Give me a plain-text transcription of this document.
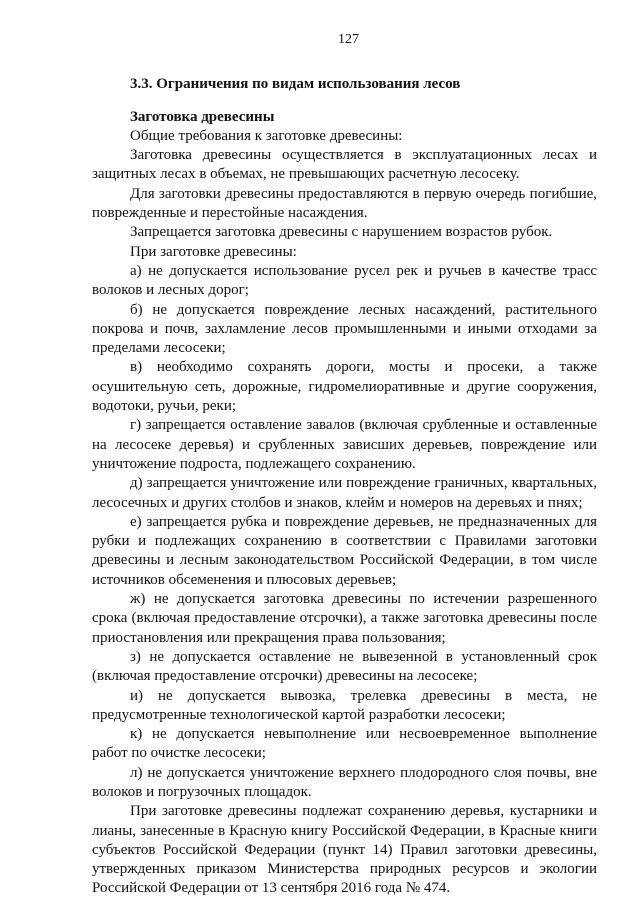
127
3.3. Ограничения по видам использования лесов
Заготовка древесины

Общие требования к заготовке древесины:

Заготовка древесины осуществляется в эксплуатационных лесах и защитных лесах в объемах, не превышающих расчетную лесосеку.

Для заготовки древесины предоставляются в первую очередь погибшие, поврежденные и перестойные насаждения.

Запрещается заготовка древесины с нарушением возрастов рубок.

При заготовке древесины:

а) не допускается использование русел рек и ручьев в качестве трасс волоков и лесных дорог;

б) не допускается повреждение лесных насаждений, растительного покрова и почв, захламление лесов промышленными и иными отходами за пределами лесосеки;

в) необходимо сохранять дороги, мосты и просеки, а также осушительную сеть, дорожные, гидромелиоративные и другие сооружения, водотоки, ручьи, реки;

г) запрещается оставление завалов (включая срубленные и оставленные на лесосеке деревья) и срубленных зависших деревьев, повреждение или уничтожение подроста, подлежащего сохранению.

д) запрещается уничтожение или повреждение граничных, квартальных, лесосечных и других столбов и знаков, клейм и номеров на деревьях и пнях;

е) запрещается рубка и повреждение деревьев, не предназначенных для рубки и подлежащих сохранению в соответствии с Правилами заготовки древесины и лесным законодательством Российской Федерации, в том числе источников обсеменения и плюсовых деревьев;

ж) не допускается заготовка древесины по истечении разрешенного срока (включая предоставление отсрочки), а также заготовка древесины после приостановления или прекращения права пользования;

з) не допускается оставление не вывезенной в установленный срок (включая предоставление отсрочки) древесины на лесосеке;

и) не допускается вывозка, трелевка древесины в места, не предусмотренные технологической картой разработки лесосеки;

к) не допускается невыполнение или несвоевременное выполнение работ по очистке лесосеки;

л) не допускается уничтожение верхнего плодородного слоя почвы, вне волоков и погрузочных площадок.

При заготовке древесины подлежат сохранению деревья, кустарники и лианы, занесенные в Красную книгу Российской Федерации, в Красные книги субъектов Российской Федерации (пункт 14) Правил заготовки древесины, утвержденных приказом Министерства природных ресурсов и экологии Российской Федерации от 13 сентября 2016 года № 474.
